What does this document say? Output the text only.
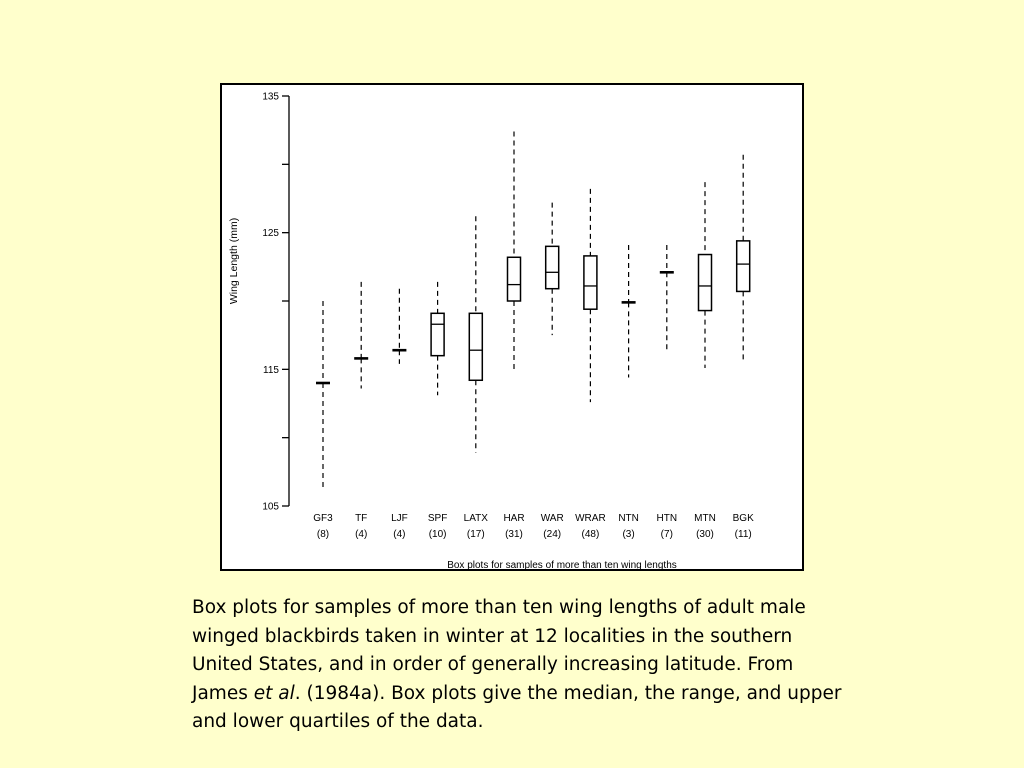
135
125
115
105
Wing Length (mm)
GF3 TF LJF SPF LATX HAR WAR WRAR NTN HTN MTN BGK
(8)	(4)	(4) (10) (17) (31) (24) (48) (3)	(7) (30) (11)
Box plots for samples of more than ten wing lengths

Box plots for samples of more than ten wing lengths of adult male winged blackbirds taken in winter at 12 localities in the southern United States, and in order of generally increasing latitude. From James et al. (1984a). Box plots give the median, the range, and upper and lower quartiles of the data.
